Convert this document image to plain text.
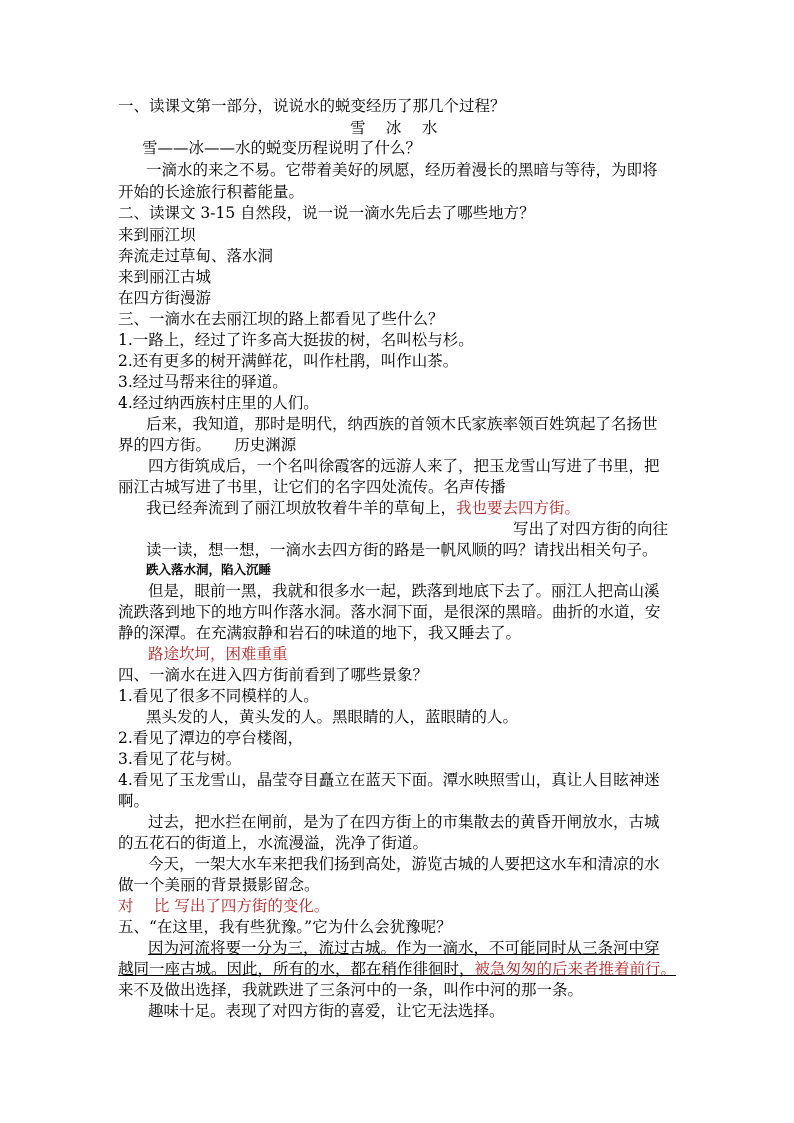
一、读课文第一部分，说说水的蜕变经历了那几个过程？
雪　 冰　 水
雪——冰——水的蜕变历程说明了什么？
一滴水的来之不易。它带着美好的夙愿，经历着漫长的黑暗与等待，为即将
开始的长途旅行积蓄能量。
二、读课文 3-15 自然段，说一说一滴水先后去了哪些地方？
来到丽江坝
奔流走过草甸、落水洞
来到丽江古城
在四方街漫游
三、一滴水在去丽江坝的路上都看见了些什么？
1.一路上，经过了许多高大挺拔的树，名叫松与杉。
2.还有更多的树开满鲜花，叫作杜鹃，叫作山茶。
3.经过马帮来往的驿道。
4.经过纳西族村庄里的人们。
后来，我知道，那时是明代，纳西族的首领木氏家族率领百姓筑起了名扬世
界的四方街。　　历史渊源
四方街筑成后，一个名叫徐霞客的远游人来了，把玉龙雪山写进了书里，把
丽江古城写进了书里，让它们的名字四处流传。名声传播
我已经奔流到了丽江坝放牧着牛羊的草甸上，我也要去四方街。
写出了对四方街的向往
读一读，想一想，一滴水去四方街的路是一帆风顺的吗？请找出相关句子。
跌入落水洞，陷入沉睡
但是，眼前一黑，我就和很多水一起，跌落到地底下去了。丽江人把高山溪
流跌落到地下的地方叫作落水洞。落水洞下面，是很深的黑暗。曲折的水道，安
静的深潭。在充满寂静和岩石的味道的地下，我又睡去了。
路途坎坷，困难重重
四、一滴水在进入四方街前看到了哪些景象？
1.看见了很多不同模样的人。
黑头发的人，黄头发的人。黑眼睛的人，蓝眼睛的人。
2.看见了潭边的亭台楼阁，
3.看见了花与树。
4.看见了玉龙雪山，晶莹夺目矗立在蓝天下面。潭水映照雪山，真让人目眩神迷
啊。
过去，把水拦在闸前，是为了在四方街上的市集散去的黄昏开闸放水，古城
的五花石的街道上，水流漫溢，洗净了街道。
今天，一架大水车来把我们扬到高处，游览古城的人要把这水车和清凉的水
做一个美丽的背景摄影留念。
对　 比 写出了四方街的变化。
五、“在这里，我有些犹豫。”它为什么会犹豫呢？
因为河流将要一分为三，流过古城。作为一滴水，不可能同时从三条河中穿
越同一座古城。因此，所有的水，都在稍作徘徊时，被急匆匆的后来者推着前行。
来不及做出选择，我就跌进了三条河中的一条，叫作中河的那一条。
趣味十足。表现了对四方街的喜爱，让它无法选择。
